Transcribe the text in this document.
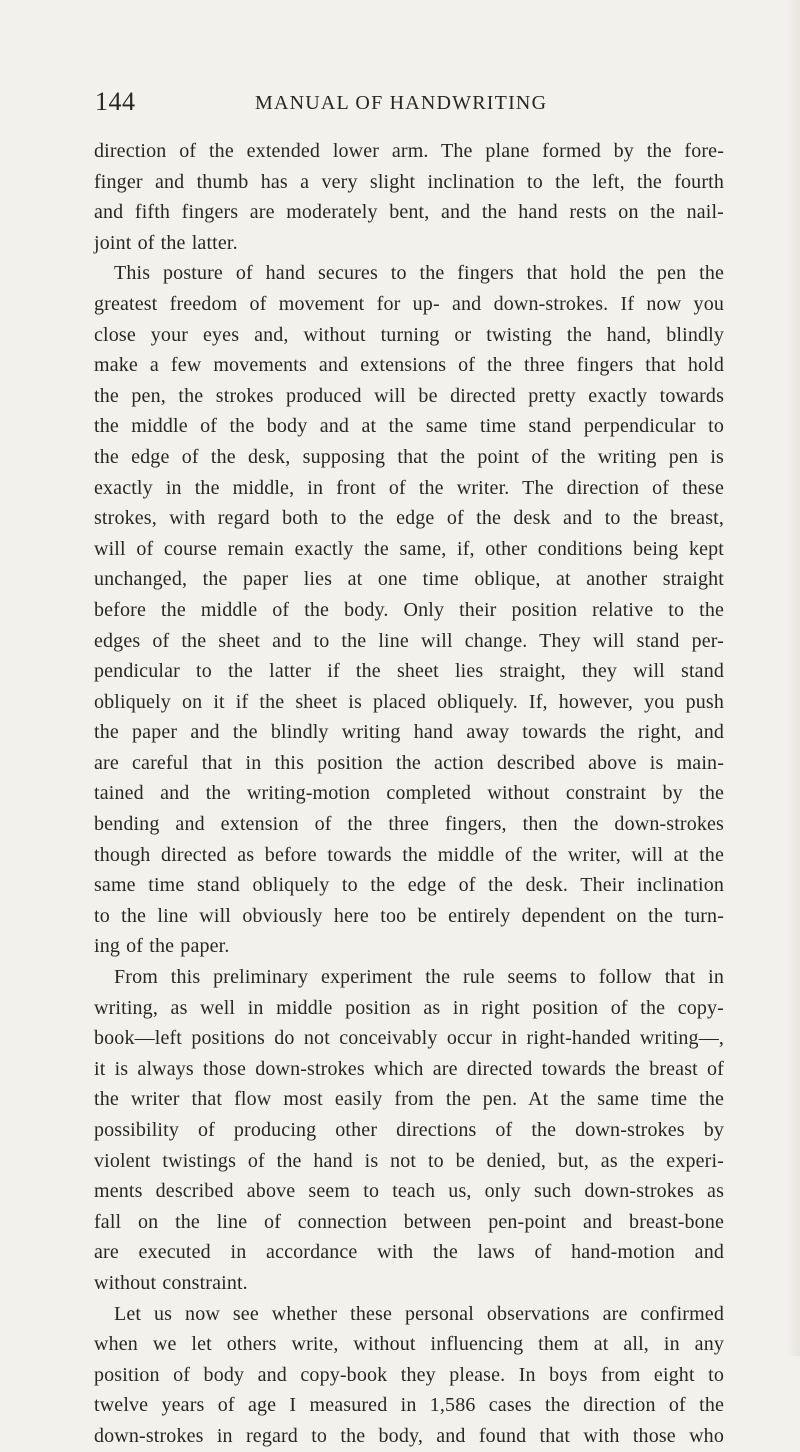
144	MANUAL OF HANDWRITING
direction of the extended lower arm. The plane formed by the fore-
finger and thumb has a very slight inclination to the left, the fourth
and fifth fingers are moderately bent, and the hand rests on the nail-
joint of the latter.
This posture of hand secures to the fingers that hold the pen the
greatest freedom of movement for up- and down-strokes. If now you
close your eyes and, without turning or twisting the hand, blindly
make a few movements and extensions of the three fingers that hold
the pen, the strokes produced will be directed pretty exactly towards
the middle of the body and at the same time stand perpendicular to
the edge of the desk, supposing that the point of the writing pen is
exactly in the middle, in front of the writer. The direction of these
strokes, with regard both to the edge of the desk and to the breast,
will of course remain exactly the same, if, other conditions being kept
unchanged, the paper lies at one time oblique, at another straight
before the middle of the body. Only their position relative to the
edges of the sheet and to the line will change. They will stand per-
pendicular to the latter if the sheet lies straight, they will stand
obliquely on it if the sheet is placed obliquely. If, however, you push
the paper and the blindly writing hand away towards the right, and
are careful that in this position the action described above is main-
tained and the writing-motion completed without constraint by the
bending and extension of the three fingers, then the down-strokes
though directed as before towards the middle of the writer, will at the
same time stand obliquely to the edge of the desk. Their inclination
to the line will obviously here too be entirely dependent on the turn-
ing of the paper.
From this preliminary experiment the rule seems to follow that in
writing, as well in middle position as in right position of the copy-
book—left positions do not conceivably occur in right-handed writing—,
it is always those down-strokes which are directed towards the breast of
the writer that flow most easily from the pen. At the same time the
possibility of producing other directions of the down-strokes by
violent twistings of the hand is not to be denied, but, as the experi-
ments described above seem to teach us, only such down-strokes as
fall on the line of connection between pen-point and breast-bone
are executed in accordance with the laws of hand-motion and
without constraint.
Let us now see whether these personal observations are confirmed
when we let others write, without influencing them at all, in any
position of body and copy-book they please. In boys from eight to
twelve years of age I measured in 1,586 cases the direction of the
down-strokes in regard to the body, and found that with those who
